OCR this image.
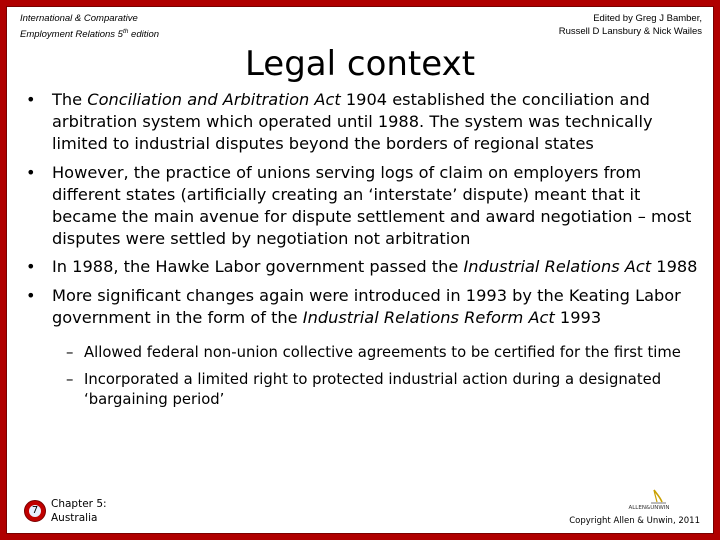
International & Comparative
Employment Relations 5th edition
Edited by Greg J Bamber,
Russell D Lansbury & Nick Wailes
Legal context
• The Conciliation and Arbitration Act 1904 established the conciliation and arbitration system which operated until 1988. The system was technically limited to industrial disputes beyond the borders of regional states
• However, the practice of unions serving logs of claim on employers from different states (artificially creating an ‘interstate’ dispute) meant that it became the main avenue for dispute settlement and award negotiation – most disputes were settled by negotiation not arbitration
• In 1988, the Hawke Labor government passed the Industrial Relations Act 1988
• More significant changes again were introduced in 1993 by the Keating Labor government in the form of the Industrial Relations Reform Act 1993
– Allowed federal non-union collective agreements to be certified for the first time
– Incorporated a limited right to protected industrial action during a designated ‘bargaining period’
7
Chapter 5:
Australia
ALLEN&UNWIN
Copyright Allen & Unwin, 2011
